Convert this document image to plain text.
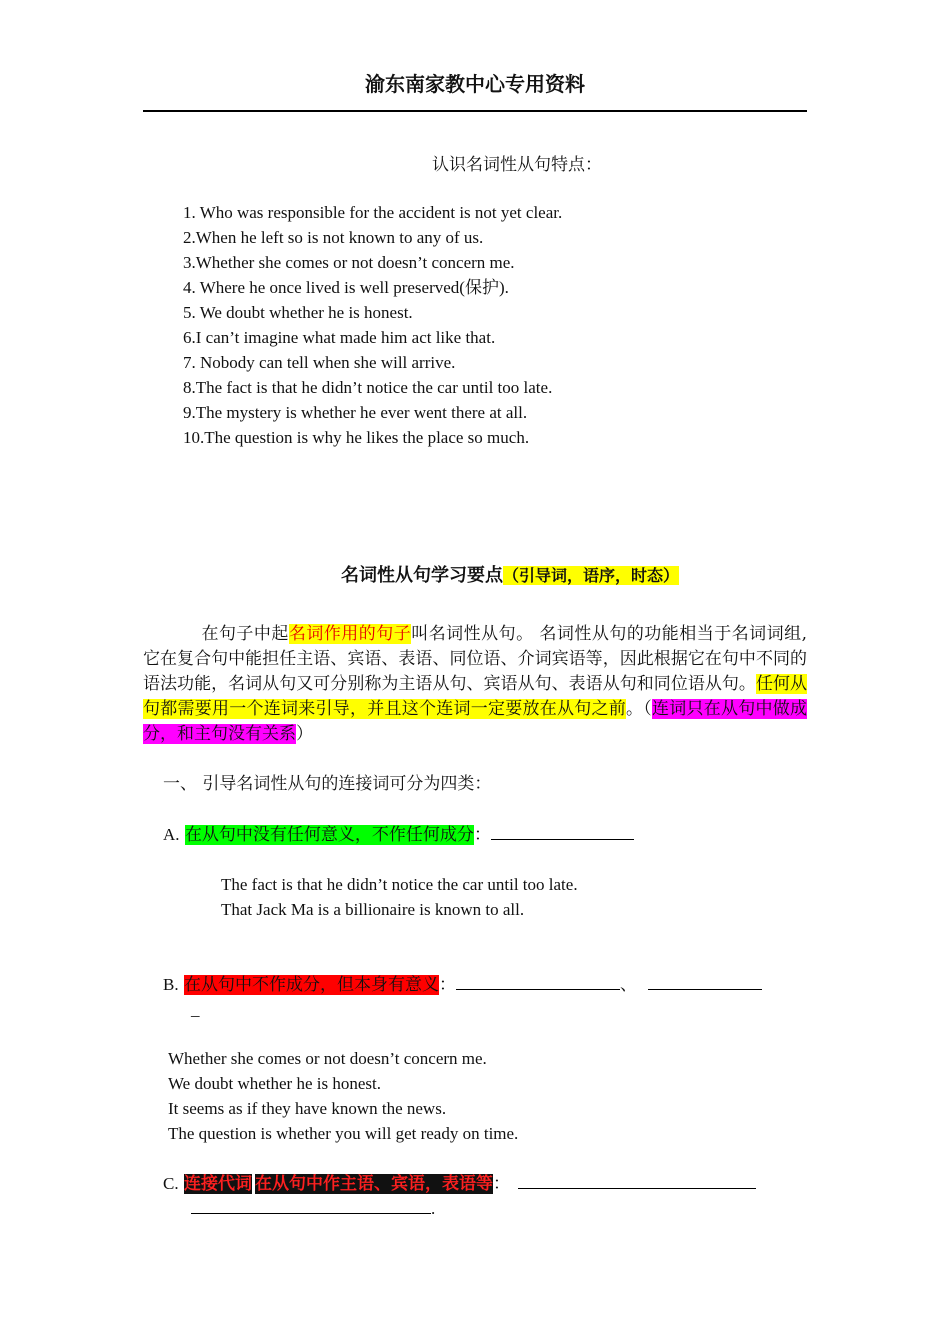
渝东南家教中心专用资料
认识名词性从句特点：
1. Who was responsible for the accident is not yet clear.
2.When he left so is not known to any of us.
3.Whether she comes or not doesn’t concern me.
4. Where he once lived is well preserved(保护).
5. We doubt whether he is honest.
6.I can’t imagine what made him act like that.
7. Nobody can tell when she will arrive.
8.The fact is that he didn’t notice the car until too late.
9.The mystery is whether he ever went there at all.
10.The question is why he likes the place so much.
名词性从句学习要点（引导词，语序，时态）

在句子中起名词作用的句子叫名词性从句。 名词性从句的功能相当于名词词组, 它在复合句中能担任主语、宾语、表语、同位语、介词宾语等，因此根据它在句中不同的语法功能，名词从句又可分别称为主语从句、宾语从句、表语从句和同位语从句。任何从句都需要用一个连词来引导，并且这个连词一定要放在从句之前。（连词只在从句中做成分，和主句没有关系）

一、 引导名词性从句的连接词可分为四类：
A. 在从句中没有任何意义，不作任何成分：
The fact is that he didn’t notice the car until too late.
That Jack Ma is a billionaire is known to all.
B. 在从句中不作成分，但本身有意义：	、
_
Whether she comes or not doesn’t concern me.
We doubt whether he is honest.
It seems as if they have known the news.
The question is whether you will get ready on time.
C. 连接代词 在从句中作主语、宾语，表语等：
.
